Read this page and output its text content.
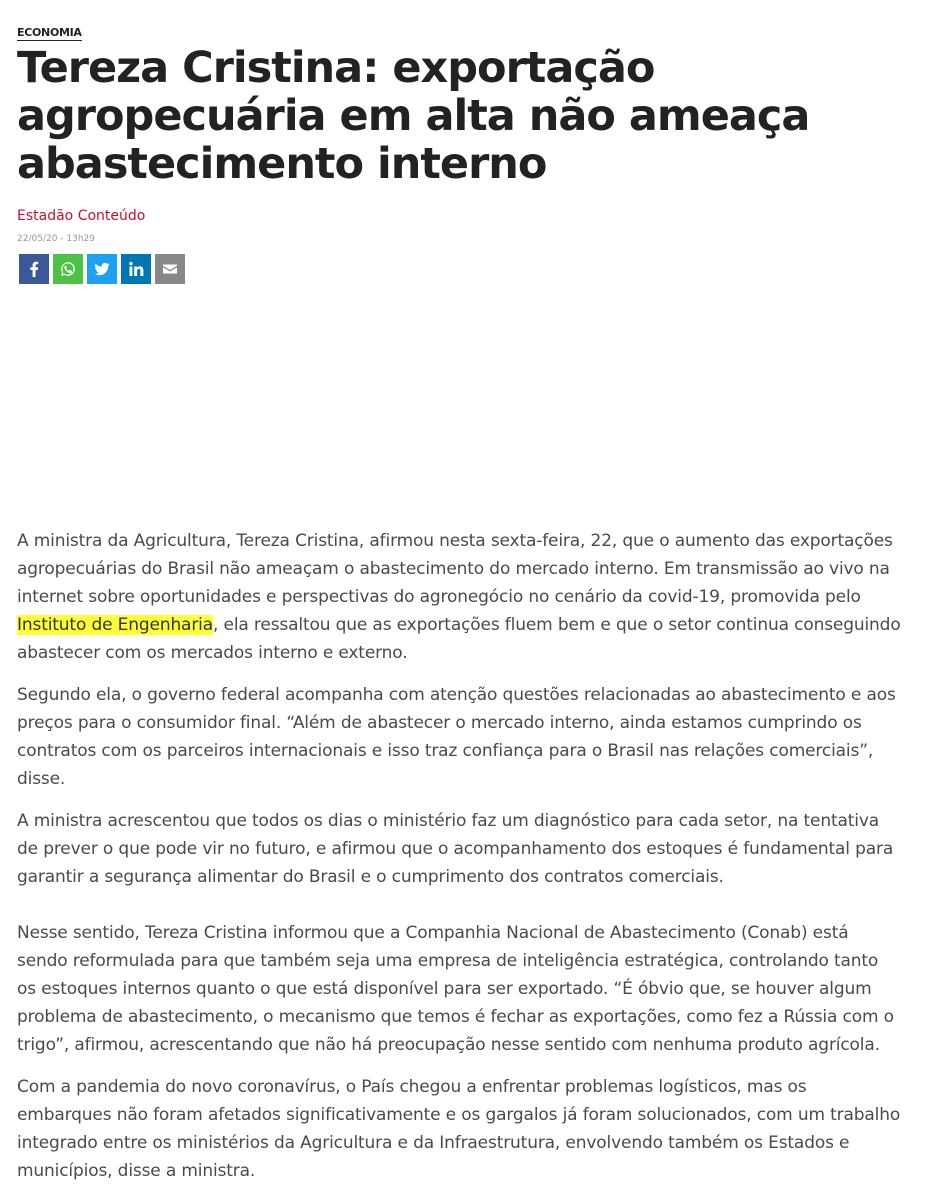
ECONOMIA
Tereza Cristina: exportação agropecuária em alta não ameaça abastecimento interno
Estadão Conteúdo
22/05/20 - 13h29

A ministra da Agricultura, Tereza Cristina, afirmou nesta sexta-feira, 22, que o aumento das exportações agropecuárias do Brasil não ameaçam o abastecimento do mercado interno. Em transmissão ao vivo na internet sobre oportunidades e perspectivas do agronegócio no cenário da covid-19, promovida pelo Instituto de Engenharia, ela ressaltou que as exportações fluem bem e que o setor continua conseguindo abastecer com os mercados interno e externo.

Segundo ela, o governo federal acompanha com atenção questões relacionadas ao abastecimento e aos preços para o consumidor final. “Além de abastecer o mercado interno, ainda estamos cumprindo os contratos com os parceiros internacionais e isso traz confiança para o Brasil nas relações comerciais”, disse.

A ministra acrescentou que todos os dias o ministério faz um diagnóstico para cada setor, na tentativa de prever o que pode vir no futuro, e afirmou que o acompanhamento dos estoques é fundamental para garantir a segurança alimentar do Brasil e o cumprimento dos contratos comerciais.

Nesse sentido, Tereza Cristina informou que a Companhia Nacional de Abastecimento (Conab) está sendo reformulada para que também seja uma empresa de inteligência estratégica, controlando tanto os estoques internos quanto o que está disponível para ser exportado. “É óbvio que, se houver algum problema de abastecimento, o mecanismo que temos é fechar as exportações, como fez a Rússia com o trigo”, afirmou, acrescentando que não há preocupação nesse sentido com nenhuma produto agrícola.

Com a pandemia do novo coronavírus, o País chegou a enfrentar problemas logísticos, mas os embarques não foram afetados significativamente e os gargalos já foram solucionados, com um trabalho integrado entre os ministérios da Agricultura e da Infraestrutura, envolvendo também os Estados e municípios, disse a ministra.
